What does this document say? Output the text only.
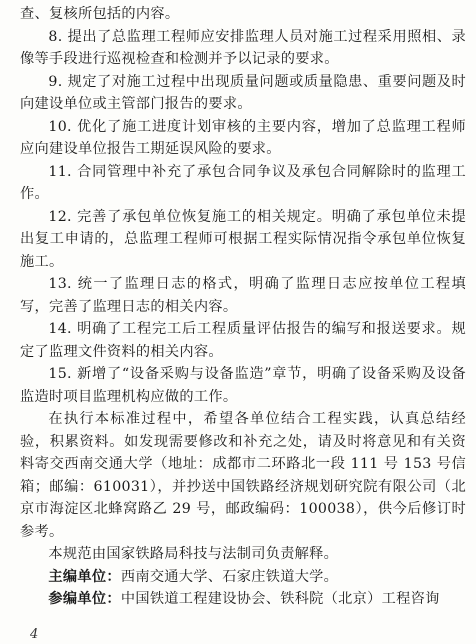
查、复核所包括的内容。

8. 提出了总监理工程师应安排监理人员对施工过程采用照相、录像等手段进行巡视检查和检测并予以记录的要求。

9. 规定了对施工过程中出现质量问题或质量隐患、重要问题及时向建设单位或主管部门报告的要求。

10. 优化了施工进度计划审核的主要内容，增加了总监理工程师应向建设单位报告工期延误风险的要求。

11. 合同管理中补充了承包合同争议及承包合同解除时的监理工作。

12. 完善了承包单位恢复施工的相关规定。明确了承包单位未提出复工申请的，总监理工程师可根据工程实际情况指令承包单位恢复施工。

13. 统一了监理日志的格式，明确了监理日志应按单位工程填写，完善了监理日志的相关内容。

14. 明确了工程完工后工程质量评估报告的编写和报送要求。规定了监理文件资料的相关内容。

15. 新增了“设备采购与设备监造”章节，明确了设备采购及设备监造时项目监理机构应做的工作。

在执行本标准过程中，希望各单位结合工程实践，认真总结经验，积累资料。如发现需要修改和补充之处，请及时将意见和有关资料寄交西南交通大学（地址：成都市二环路北一段 111 号 153 号信箱；邮编：610031），并抄送中国铁路经济规划研究院有限公司（北京市海淀区北蜂窝路乙 29 号，邮政编码：100038），供今后修订时参考。

本规范由国家铁路局科技与法制司负责解释。

主编单位：西南交通大学、石家庄铁道大学。

参编单位：中国铁道工程建设协会、铁科院（北京）工程咨询

4
